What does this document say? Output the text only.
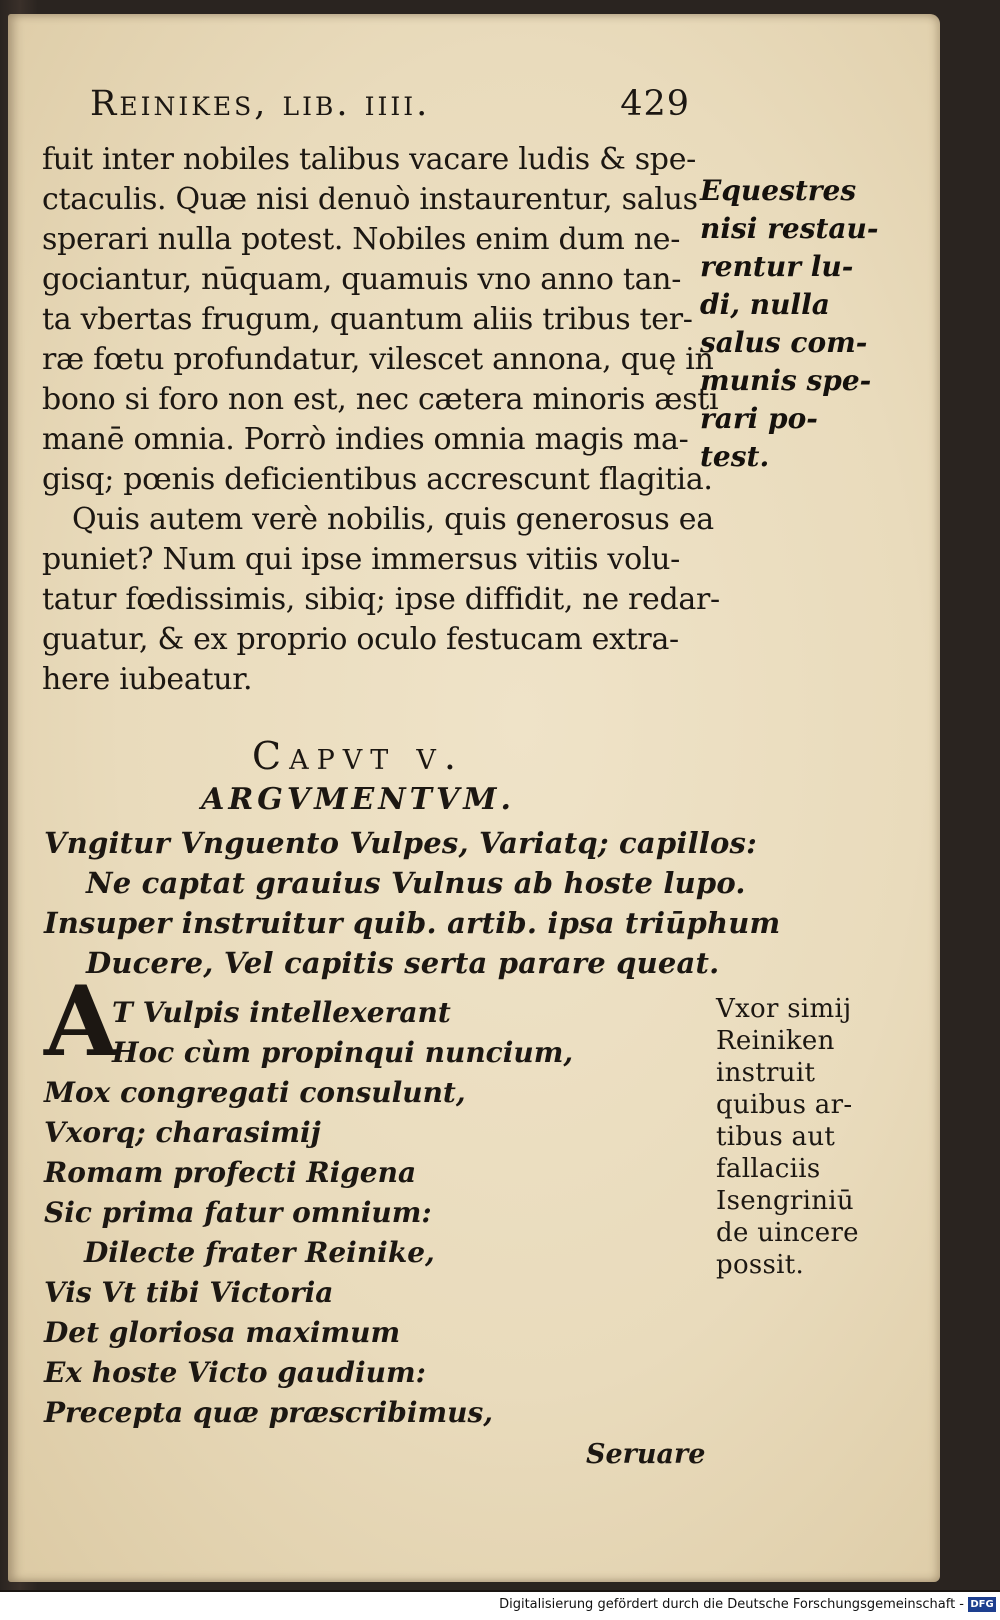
Reinikes, lib. iiii.	429
fuit inter nobiles talibus vacare ludis & spe-
ctaculis. Quæ nisi denuò instaurentur, salus
sperari nulla potest. Nobiles enim dum ne-
gociantur, nūquam, quamuis vno anno tan-
ta vbertas frugum, quantum aliis tribus ter-
ræ fœtu profundatur, vilescet annona, quę in
bono si foro non est, nec cætera minoris æsti
manē omnia. Porrò indies omnia magis ma-
gisq; pœnis deficientibus accrescunt flagitia.
Quis autem verè nobilis, quis generosus ea
puniet? Num qui ipse immersus vitiis volu-
tatur fœdissimis, sibiq; ipse diffidit, ne redar-
guatur, & ex proprio oculo festucam extra-
here iubeatur.
Equestres
nisi restau-
rentur lu-
di, nulla
salus com-
munis spe-
rari po-
test.
Capvt v.
ARGVMENTVM.
Vngitur Vnguento Vulpes, Variatq; capillos:
Ne captat grauius Vulnus ab hoste lupo.
Insuper instruitur quib. artib. ipsa triūphum
Ducere, Vel capitis serta parare queat.
A
T Vulpis intellexerant
Hoc cùm propinqui nuncium,
Mox congregati consulunt,
Vxorq; charasimij
Romam profecti Rigena
Sic prima fatur omnium:
Dilecte frater Reinike,
Vis Vt tibi Victoria
Det gloriosa maximum
Ex hoste Victo gaudium:
Precepta quæ præscribimus,
Vxor simij
Reiniken
instruit
quibus ar-
tibus aut
fallaciis
Isengriniū
de uincere
possit.
Seruare
Digitalisierung gefördert durch die Deutsche Forschungsgemeinschaft - DFG
